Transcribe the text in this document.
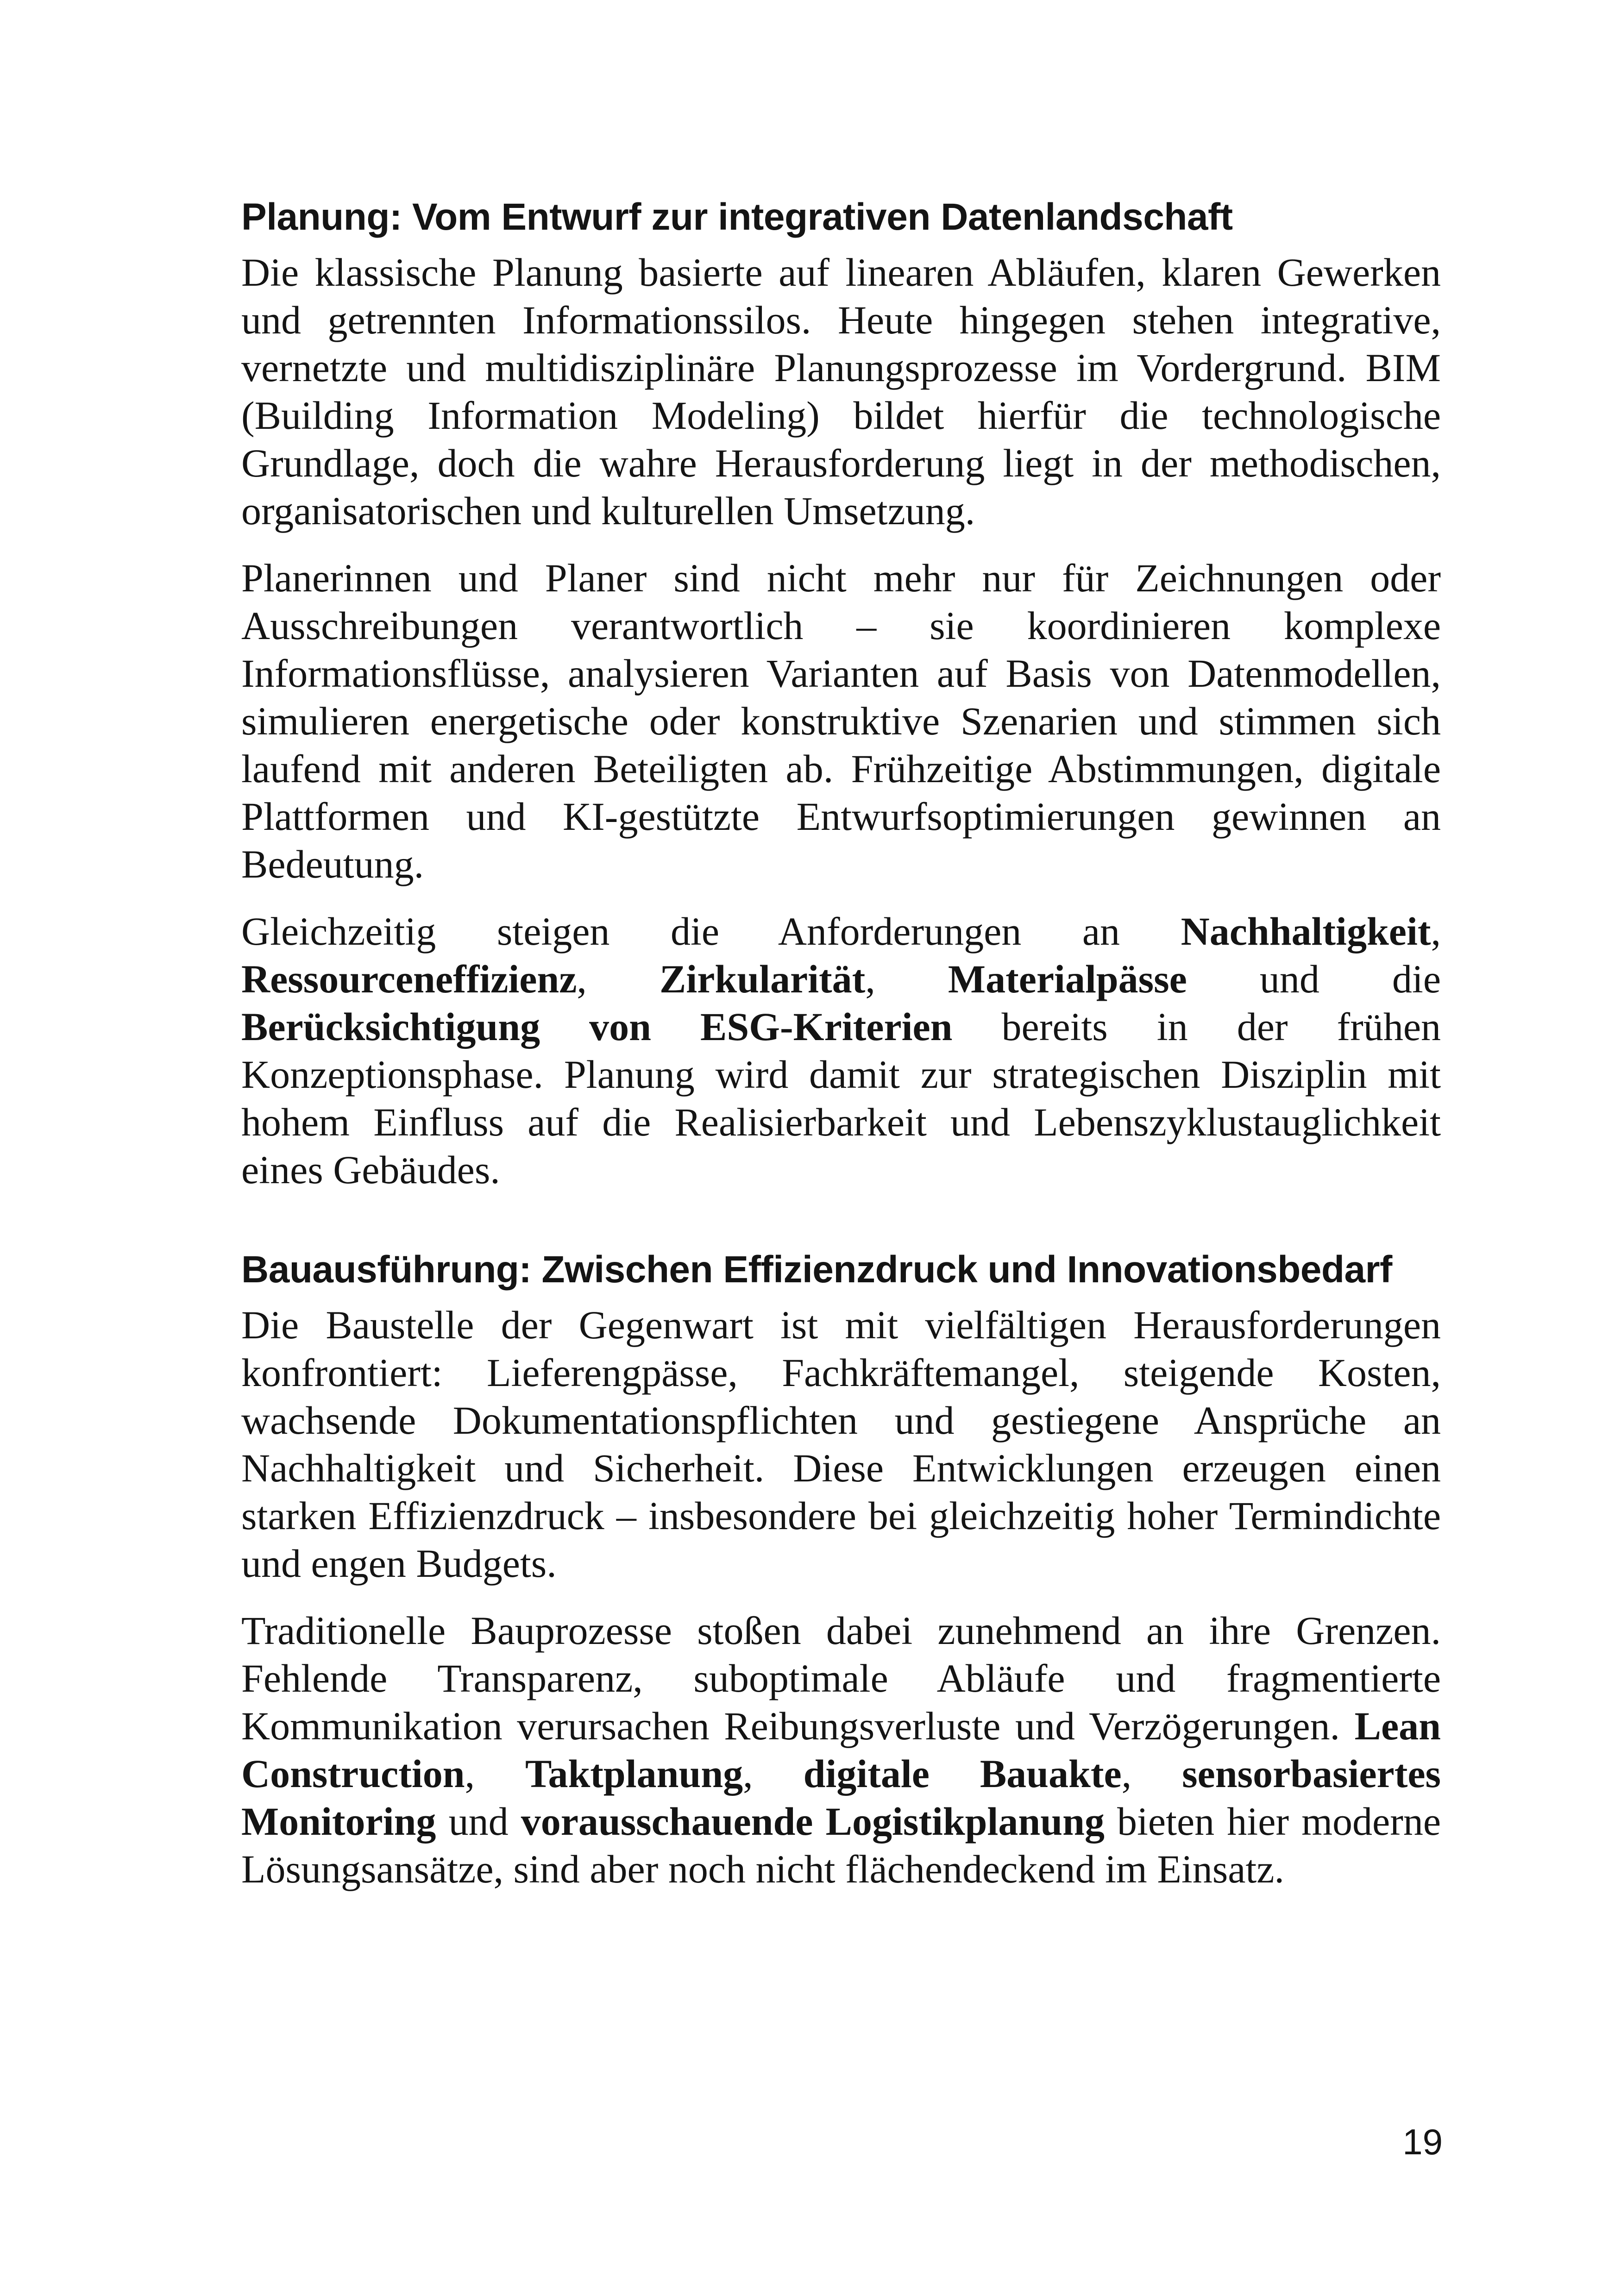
Planung: Vom Entwurf zur integrativen Datenlandschaft

Die klassische Planung basierte auf linearen Abläufen, klaren Gewerken und getrennten Informationssilos. Heute hingegen stehen integrative, vernetzte und multidisziplinäre Planungsprozesse im Vordergrund. BIM (Building Information Modeling) bildet hierfür die technologische Grundlage, doch die wahre Herausforderung liegt in der methodischen, organisatorischen und kulturellen Umsetzung.

Planerinnen und Planer sind nicht mehr nur für Zeichnungen oder Ausschreibungen verantwortlich – sie koordinieren komplexe Informationsflüsse, analysieren Varianten auf Basis von Datenmodellen, simulieren energetische oder konstruktive Szenarien und stimmen sich laufend mit anderen Beteiligten ab. Frühzeitige Abstimmungen, digitale Plattformen und KI-gestützte Entwurfsoptimierungen gewinnen an Bedeutung.

Gleichzeitig steigen die Anforderungen an Nachhaltigkeit, Ressourceneffizienz, Zirkularität, Materialpässe und die Berücksichtigung von ESG-Kriterien bereits in der frühen Konzeptionsphase. Planung wird damit zur strategischen Disziplin mit hohem Einfluss auf die Realisierbarkeit und Lebenszyklustauglichkeit eines Gebäudes.

Bauausführung: Zwischen Effizienzdruck und Innovationsbedarf

Die Baustelle der Gegenwart ist mit vielfältigen Herausforderungen konfrontiert: Lieferengpässe, Fachkräftemangel, steigende Kosten, wachsende Dokumentationspflichten und gestiegene Ansprüche an Nachhaltigkeit und Sicherheit. Diese Entwicklungen erzeugen einen starken Effizienzdruck – insbesondere bei gleichzeitig hoher Termindichte und engen Budgets.

Traditionelle Bauprozesse stoßen dabei zunehmend an ihre Grenzen. Fehlende Transparenz, suboptimale Abläufe und fragmentierte Kommunikation verursachen Reibungsverluste und Verzögerungen. Lean Construction, Taktplanung, digitale Bauakte, sensorbasiertes Monitoring und vorausschauende Logistikplanung bieten hier moderne Lösungsansätze, sind aber noch nicht flächendeckend im Einsatz.

19
